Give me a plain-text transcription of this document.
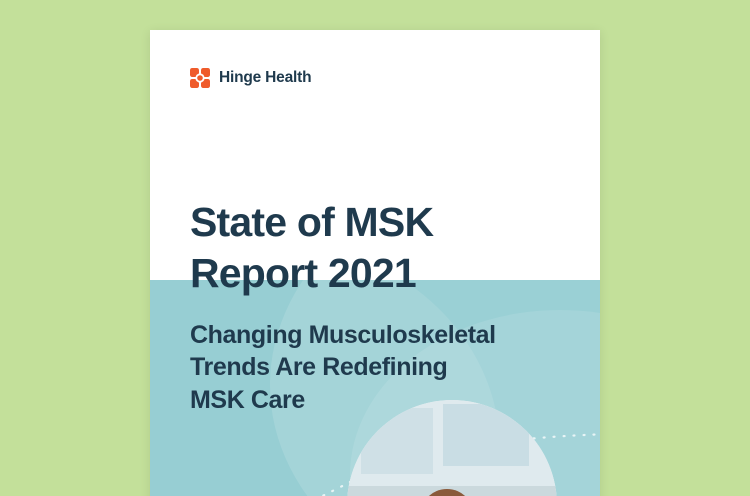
Hinge Health
State of MSK
Report 2021
Changing Musculoskeletal
Trends Are Redefining
MSK Care
